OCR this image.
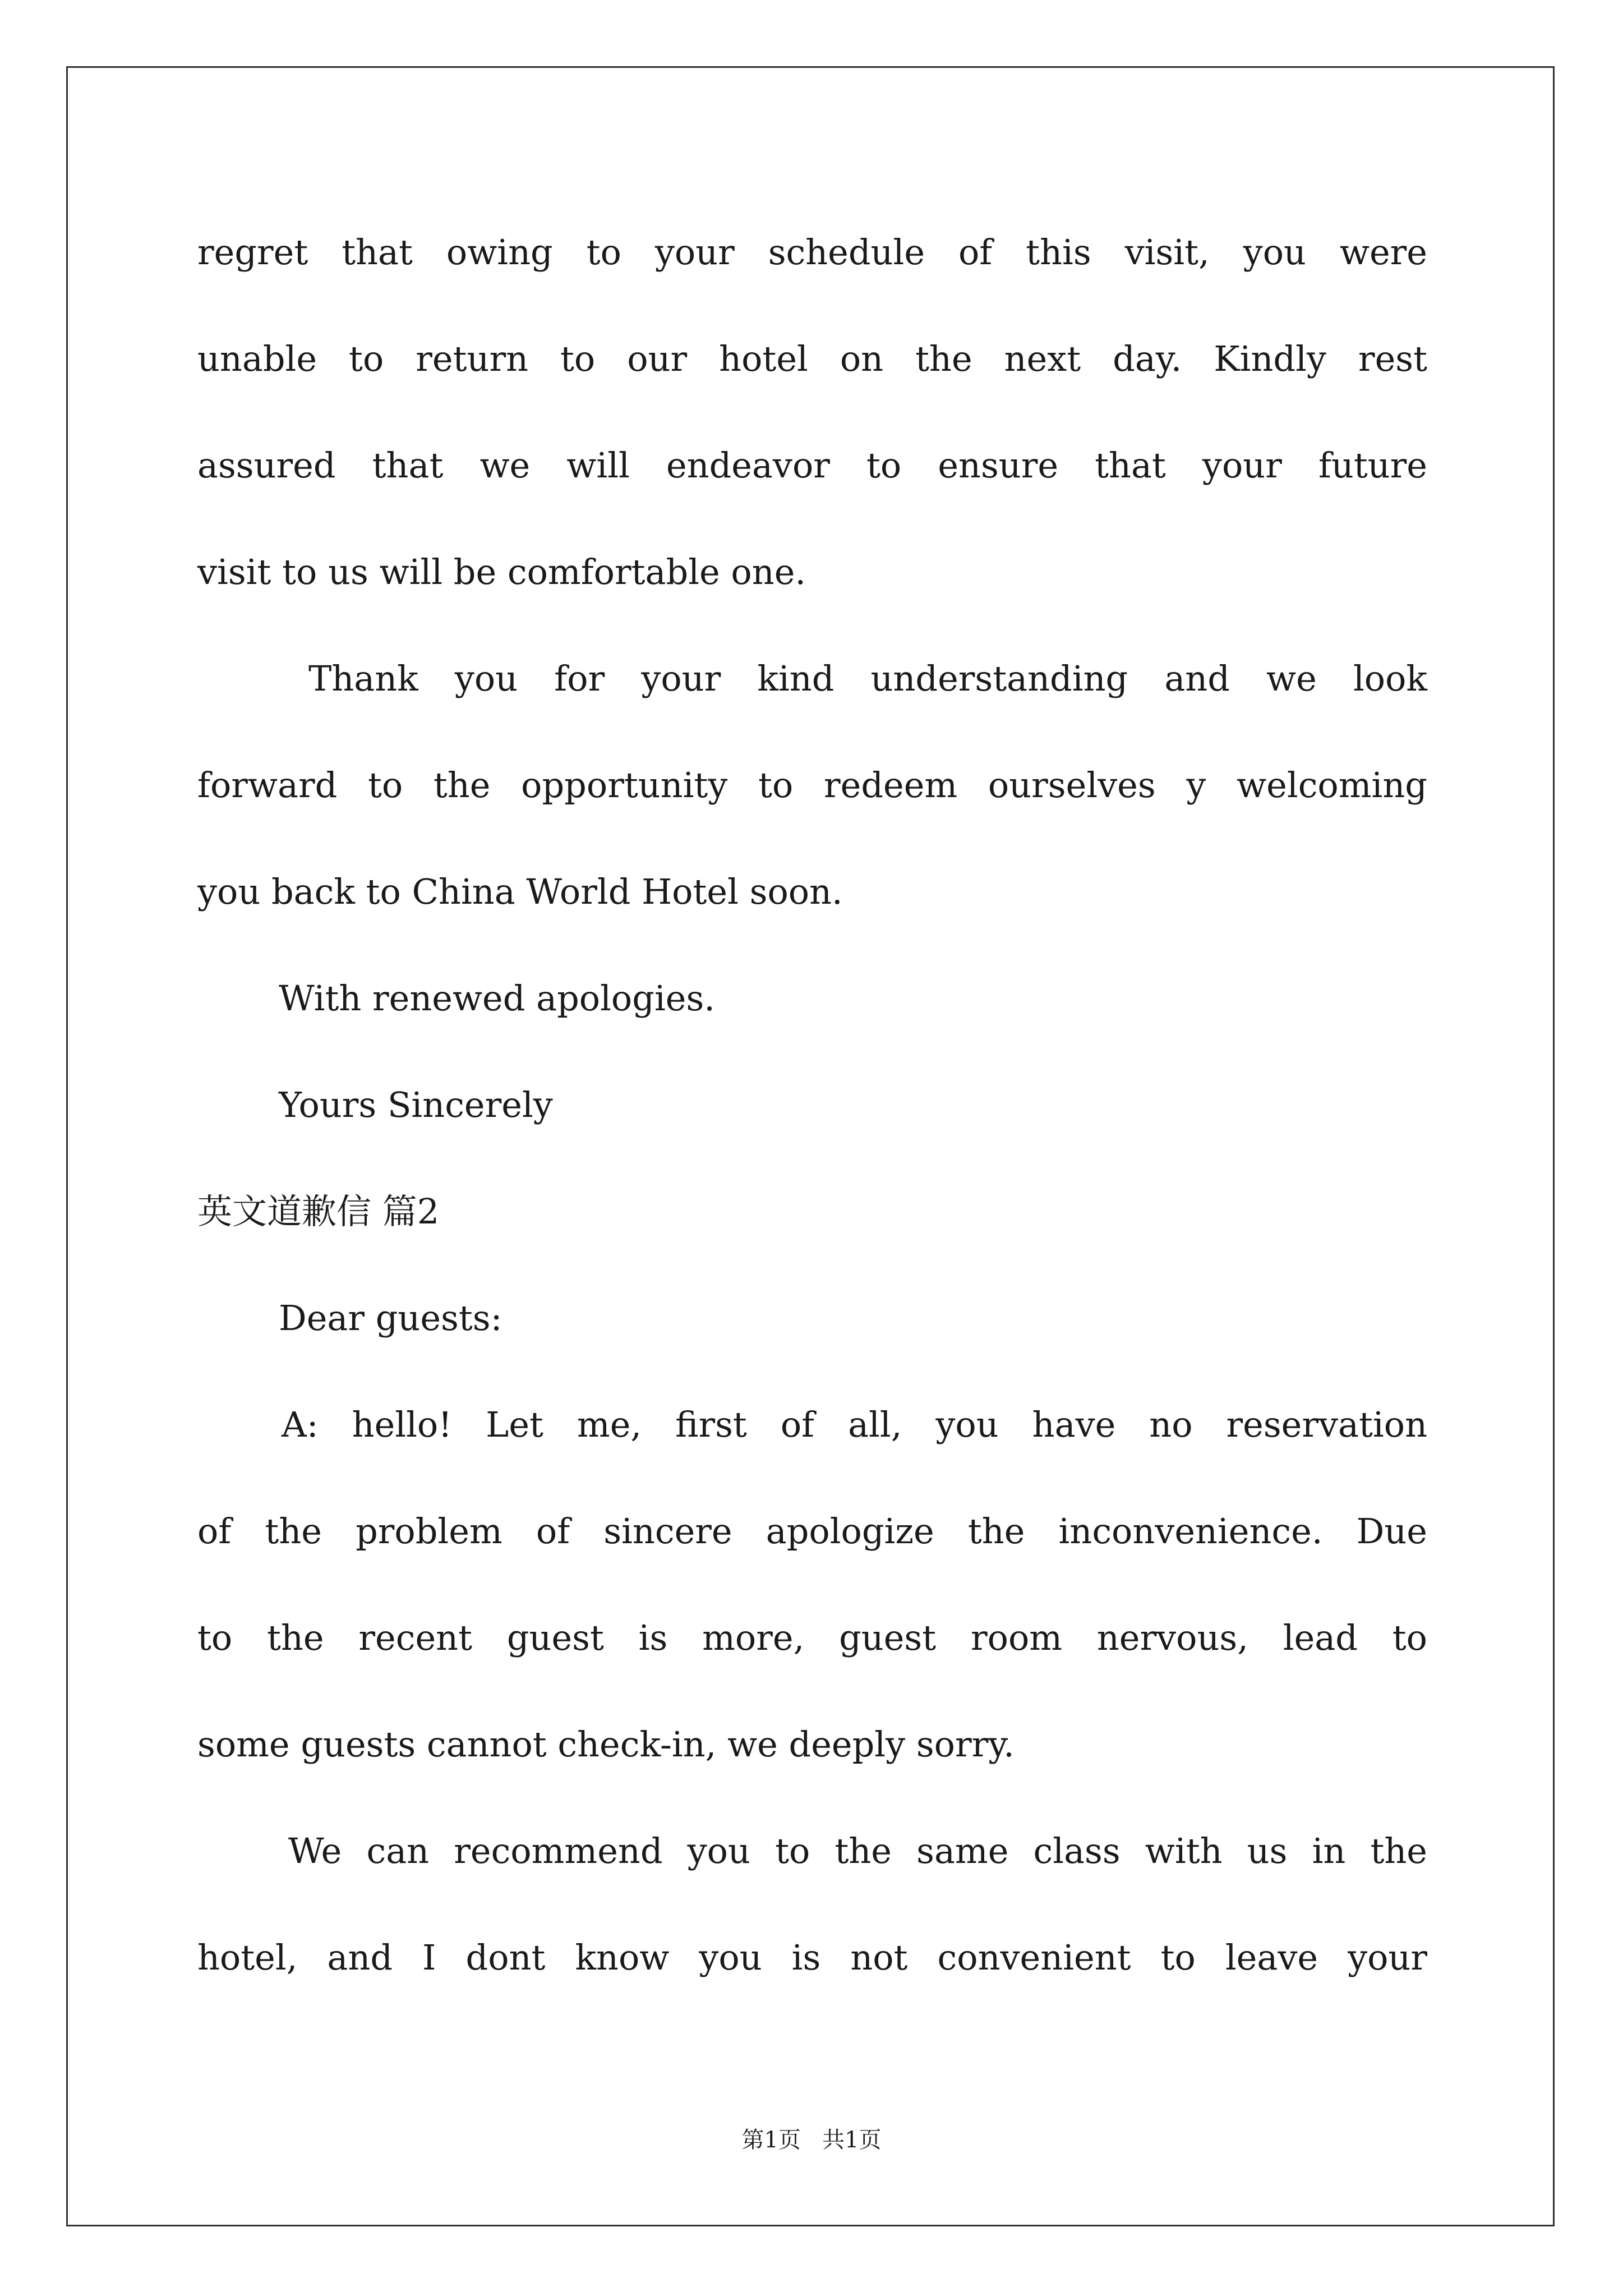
regret that owing to your schedule of this visit, you were

unable to return to our hotel on the next day. Kindly rest

assured that we will endeavor to ensure that your future

visit to us will be comfortable one.

Thank you for your kind understanding and we look

forward to the opportunity to redeem ourselves y welcoming

you back to China World Hotel soon.

With renewed apologies.

Yours Sincerely

英文道歉信 篇2

Dear guests:

A: hello! Let me, first of all, you have no reservation

of the problem of sincere apologize the inconvenience. Due

to the recent guest is more, guest room nervous, lead to

some guests cannot check-in, we deeply sorry.

We can recommend you to the same class with us in the

hotel, and I dont know you is not convenient to leave your

第1页   共1页
